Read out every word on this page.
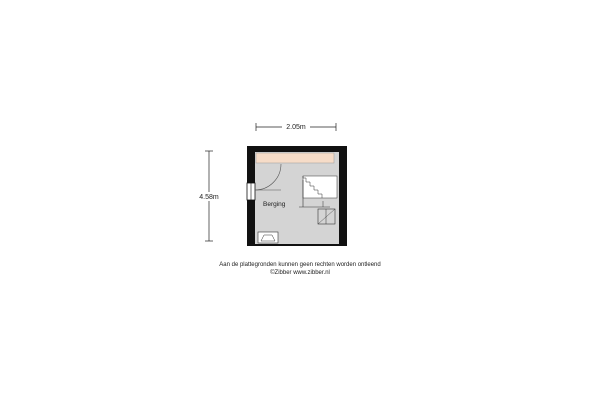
2.05m
4.58m
Berging
Aan de plattegronden kunnen geen rechten worden ontleend
©Zibber www.zibber.nl
